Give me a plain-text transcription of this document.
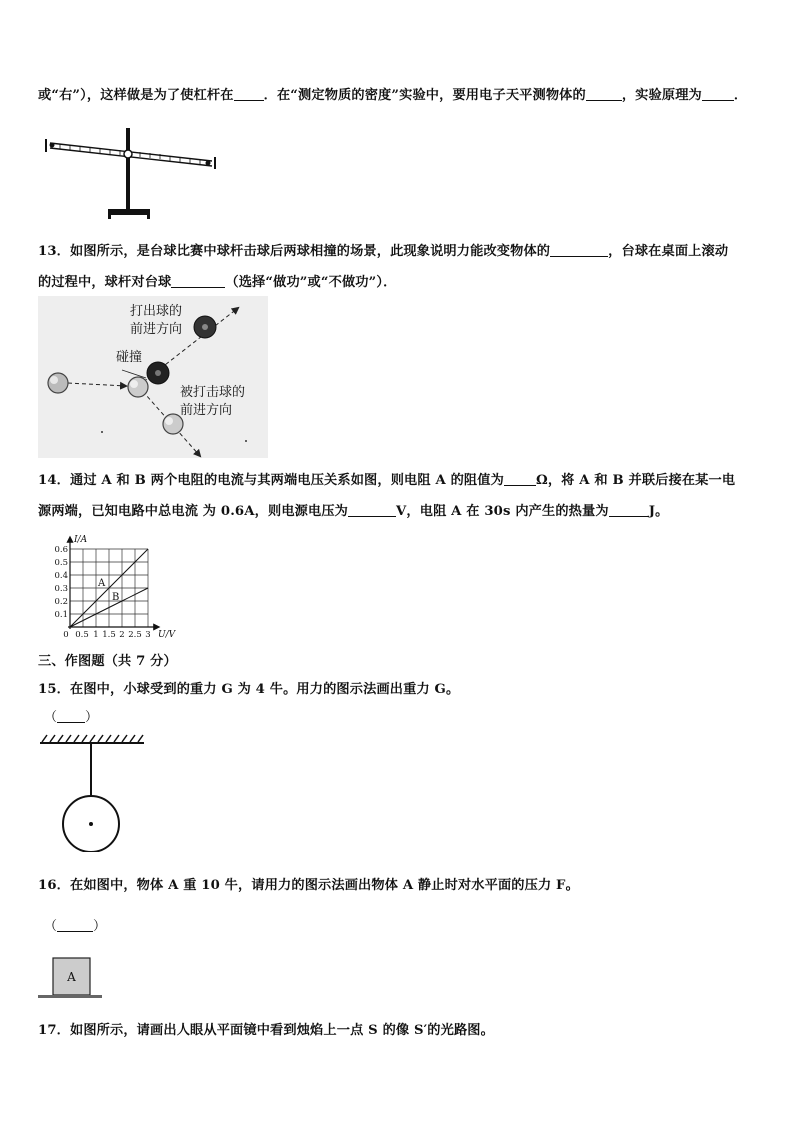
或“右”），这样做是为了使杠杆在 ．在“测定物质的密度”实验中，要用电子天平测物体的	，实验原理为 ．
13．如图所示，是台球比赛中球杆击球后两球相撞的场景，此现象说明力能改变物体的	，台球在桌面上滚动
的过程中，球杆对台球	（选择“做功”或“不做功”）．
打出球的
前进方向
碰撞
被打击球的
前进方向
14．通过 A 和 B 两个电阻的电流与其两端电压关系如图，则电阻 A 的阻值为 Ω，将 A 和 B 并联后接在某一电
源两端，已知电路中总电流 为 0.6A，则电源电压为	V，电阻 A 在 30s 内产生的热量为	J。
0.6
0.5
0.4
0.3
0.2
0.1
0 0.5 1 1.5 2 2.5 3
I/A
U/V
A
B
三、作图题（共 7 分）
15．在图中，小球受到的重力 G 为 4 牛。用力的图示法画出重力 G。
（ ）
16．在如图中，物体 A 重 10 牛，请用力的图示法画出物体 A 静止时对水平面的压力 F。
（	）
A
17．如图所示，请画出人眼从平面镜中看到烛焰上一点 S 的像 S′的光路图。
